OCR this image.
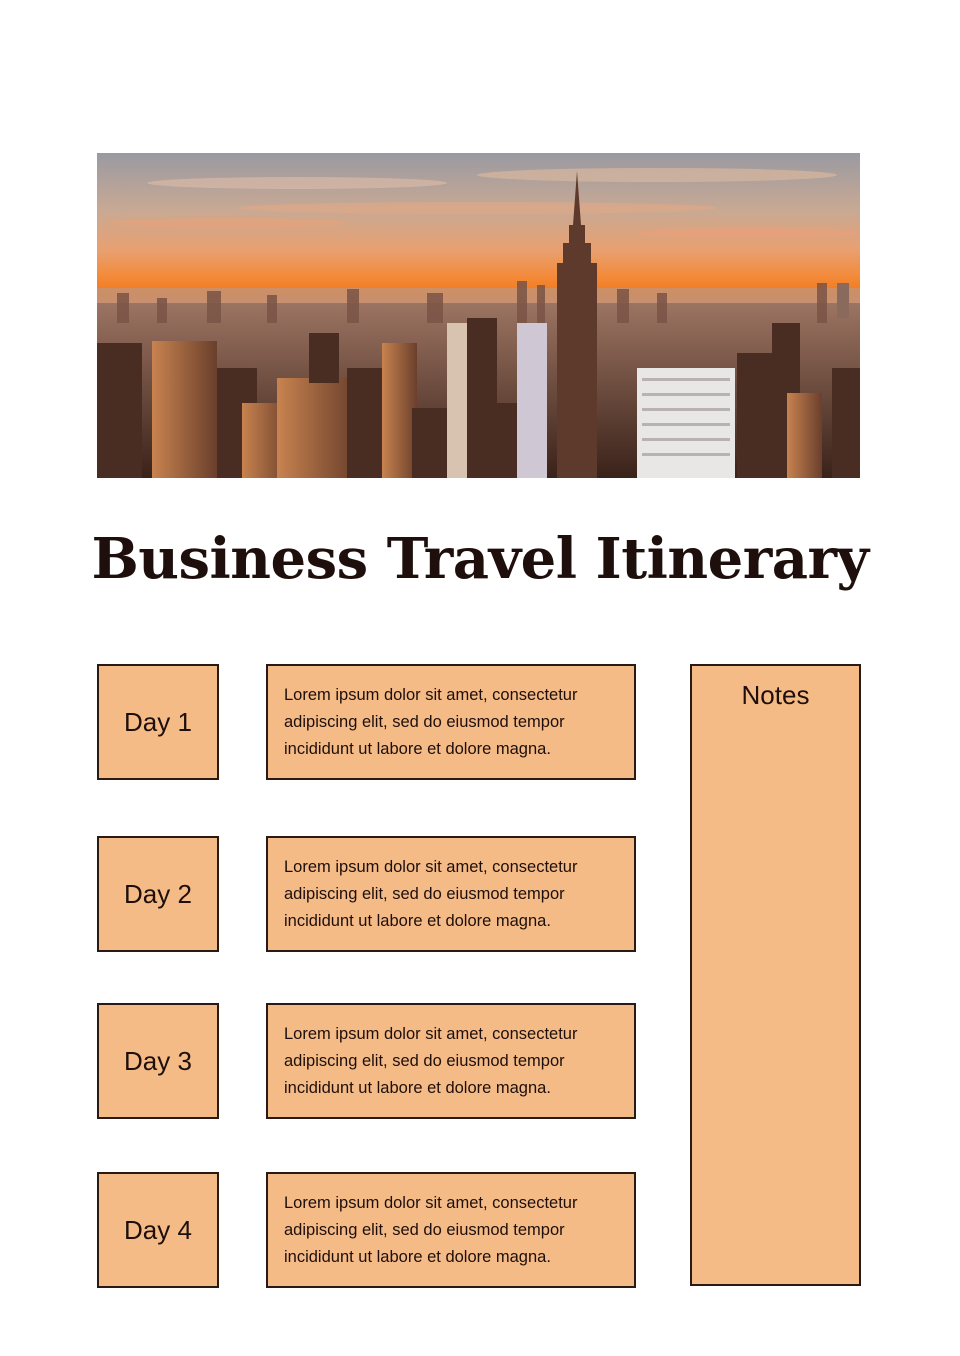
Business Travel Itinerary
Day 1
Lorem ipsum dolor sit amet, consectetur adipiscing elit, sed do eiusmod tempor incididunt ut labore et dolore magna.
Day 2
Lorem ipsum dolor sit amet, consectetur adipiscing elit, sed do eiusmod tempor incididunt ut labore et dolore magna.
Day 3
Lorem ipsum dolor sit amet, consectetur adipiscing elit, sed do eiusmod tempor incididunt ut labore et dolore magna.
Day 4
Lorem ipsum dolor sit amet, consectetur adipiscing elit, sed do eiusmod tempor incididunt ut labore et dolore magna.
Notes
